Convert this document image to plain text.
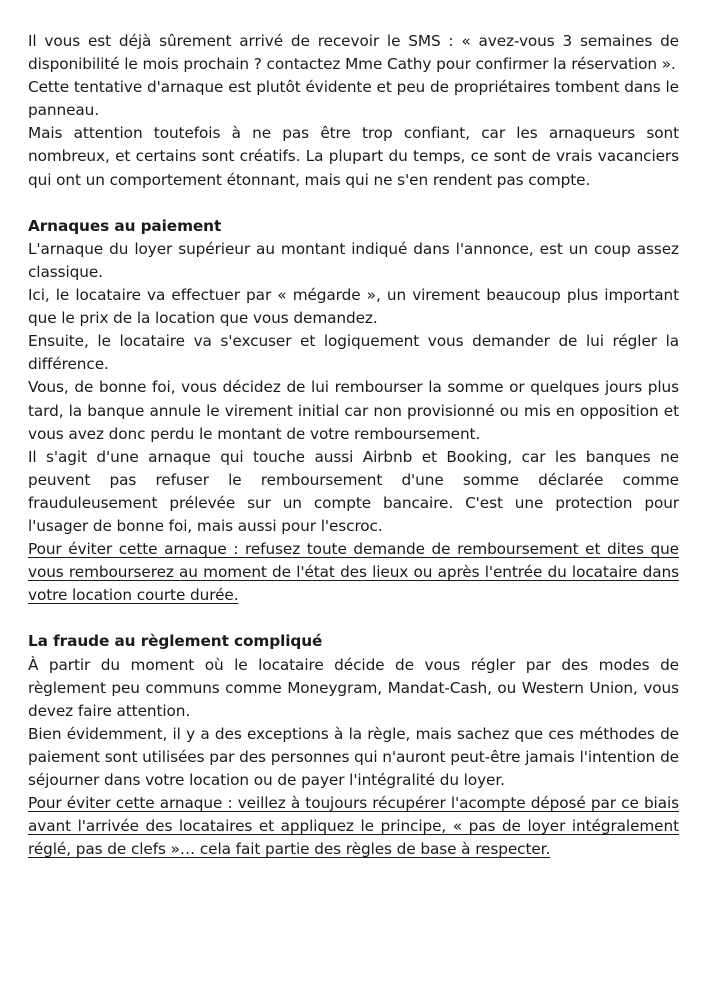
Il vous est déjà sûrement arrivé de recevoir le SMS : « avez-vous 3 semaines de disponibilité le mois prochain ? contactez Mme Cathy pour confirmer la réservation ».

Cette tentative d'arnaque est plutôt évidente et peu de propriétaires tombent dans le panneau.

Mais attention toutefois à ne pas être trop confiant, car les arnaqueurs sont nombreux, et certains sont créatifs. La plupart du temps, ce sont de vrais vacanciers qui ont un comportement étonnant, mais qui ne s'en rendent pas compte.

Arnaques au paiement

L'arnaque du loyer supérieur au montant indiqué dans l'annonce, est un coup assez classique.

Ici, le locataire va effectuer par « mégarde », un virement beaucoup plus important que le prix de la location que vous demandez.

Ensuite, le locataire va s'excuser et logiquement vous demander de lui régler la différence.

Vous, de bonne foi, vous décidez de lui rembourser la somme or quelques jours plus tard, la banque annule le virement initial car non provisionné ou mis en opposition et vous avez donc perdu le montant de votre remboursement.

Il s'agit d'une arnaque qui touche aussi Airbnb et Booking, car les banques ne peuvent pas refuser le remboursement d'une somme déclarée comme frauduleusement prélevée sur un compte bancaire. C'est une protection pour l'usager de bonne foi, mais aussi pour l'escroc.

Pour éviter cette arnaque : refusez toute demande de remboursement et dites que vous rembourserez au moment de l'état des lieux ou après l'entrée du locataire dans votre location courte durée.

La fraude au règlement compliqué

À partir du moment où le locataire décide de vous régler par des modes de règlement peu communs comme Moneygram, Mandat-Cash, ou Western Union, vous devez faire attention.

Bien évidemment, il y a des exceptions à la règle, mais sachez que ces méthodes de paiement sont utilisées par des personnes qui n'auront peut-être jamais l'intention de séjourner dans votre location ou de payer l'intégralité du loyer.

Pour éviter cette arnaque : veillez à toujours récupérer l'acompte déposé par ce biais avant l'arrivée des locataires et appliquez le principe, « pas de loyer intégralement réglé, pas de clefs »… cela fait partie des règles de base à respecter.
